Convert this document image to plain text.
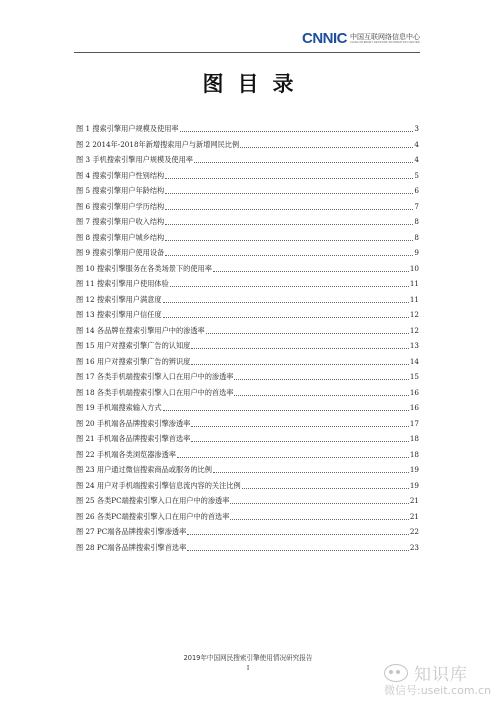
CNNIC 中国互联网络信息中心
CHINA INTERNET NETWORK INFORMATION CENTER
图目录
图 1 搜索引擎用户规模及使用率	3
图 2 2014年-2018年新增搜索用户与新增网民比例	4
图 3 手机搜索引擎用户规模及使用率	4
图 4 搜索引擎用户性别结构	5
图 5 搜索引擎用户年龄结构	6
图 6 搜索引擎用户学历结构	7
图 7 搜索引擎用户收入结构	8
图 8 搜索引擎用户城乡结构	8
图 9 搜索引擎用户使用设备	9
图 10 搜索引擎服务在各类场景下的使用率	10
图 11 搜索引擎用户使用体验	11
图 12 搜索引擎用户满意度	11
图 13 搜索引擎用户信任度	12
图 14 各品牌在搜索引擎用户中的渗透率	12
图 15 用户对搜索引擎广告的认知度	13
图 16 用户对搜索引擎广告的辨识度	14
图 17 各类手机端搜索引擎入口在用户中的渗透率	15
图 18 各类手机端搜索引擎入口在用户中的首选率	16
图 19 手机端搜索输入方式	16
图 20 手机端各品牌搜索引擎渗透率	17
图 21 手机端各品牌搜索引擎首选率	18
图 22 手机端各类浏览器渗透率	18
图 23 用户通过微信搜索商品或服务的比例	19
图 24 用户对手机端搜索引擎信息流内容的关注比例	19
图 25 各类PC端搜索引擎入口在用户中的渗透率	21
图 26 各类PC端搜索引擎入口在用户中的首选率	21
图 27 PC端各品牌搜索引擎渗透率	22
图 28 PC端各品牌搜索引擎首选率	23
2019年中国网民搜索引擎使用情况研究报告
I	知识库
微信号:useit.com.cn
